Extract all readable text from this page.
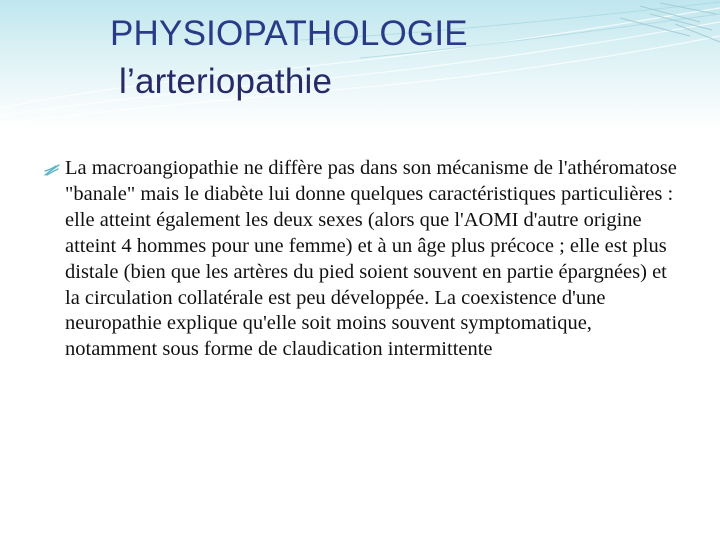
PHYSIOPATHOLOGIE
l’arteriopathie

La macroangiopathie ne diffère pas dans son mécanisme de l'athéromatose "banale" mais le diabète lui donne quelques caractéristiques particulières : elle atteint également les deux sexes (alors que l'AOMI d'autre origine atteint 4 hommes pour une femme) et à un âge plus précoce ; elle est plus distale (bien que les artères du pied soient souvent en partie épargnées) et la circulation collatérale est peu développée. La coexistence d'une neuropathie explique qu'elle soit moins souvent symptomatique, notamment sous forme de claudication intermittente
